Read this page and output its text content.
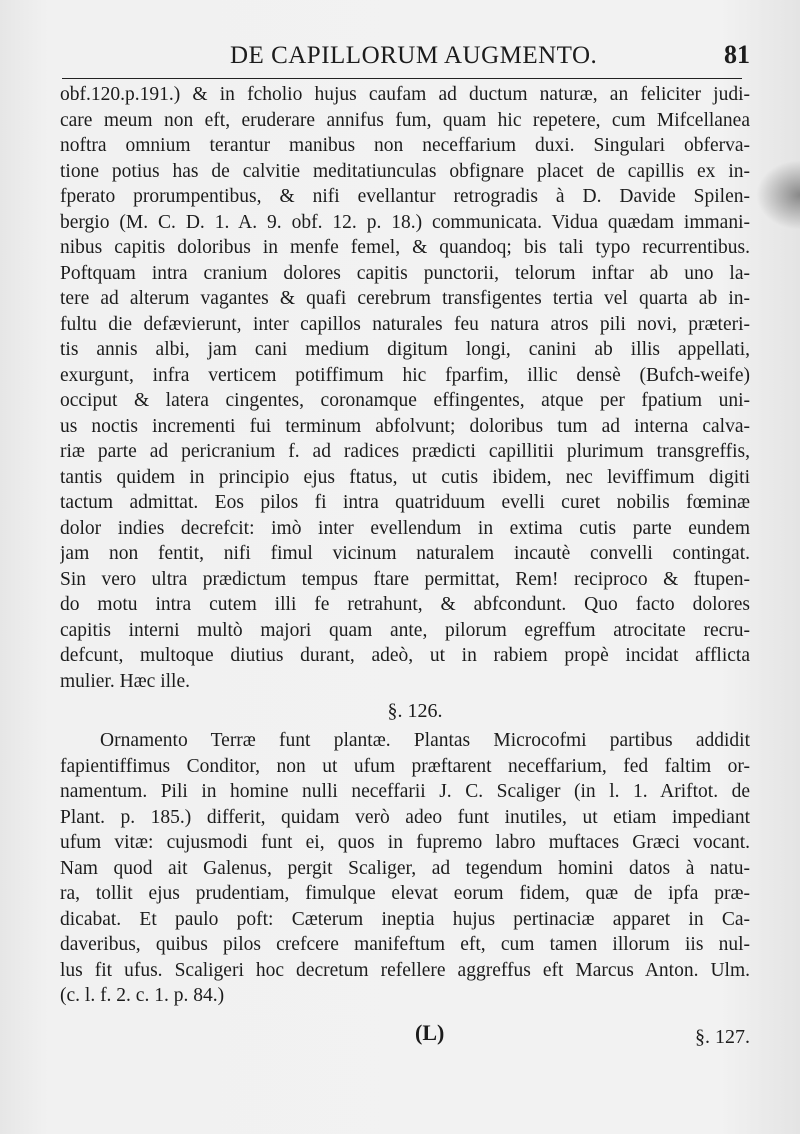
DE CAPILLORUM AUGMENTO.	81
obf.120.p.191.) & in fcholio hujus caufam ad ductum naturæ, an feliciter judi-
care meum non eft, eruderare annifus fum, quam hic repetere, cum Mifcellanea
noftra omnium terantur manibus non neceffarium duxi. Singulari obferva-
tione potius has de calvitie meditatiunculas obfignare placet de capillis ex in-
fperato prorumpentibus, & nifi evellantur retrogradis à D. Davide Spilen-
bergio (M. C. D. 1. A. 9. obf. 12. p. 18.) communicata. Vidua quædam immani-
nibus capitis doloribus in menfe femel, & quandoq; bis tali typo recurrentibus.
Poftquam intra cranium dolores capitis punctorii, telorum inftar ab uno la-
tere ad alterum vagantes & quafi cerebrum transfigentes tertia vel quarta ab in-
fultu die defævierunt, inter capillos naturales feu natura atros pili novi, præteri-
tis annis albi, jam cani medium digitum longi, canini ab illis appellati,
exurgunt, infra verticem potiffimum hic fparfim, illic densè (Bufch-weife)
occiput & latera cingentes, coronamque effingentes, atque per fpatium uni-
us noctis incrementi fui terminum abfolvunt; doloribus tum ad interna calva-
riæ parte ad pericranium f. ad radices prædicti capillitii plurimum transgreffis,
tantis quidem in principio ejus ftatus, ut cutis ibidem, nec leviffimum digiti
tactum admittat. Eos pilos fi intra quatriduum evelli curet nobilis fœminæ
dolor indies decrefcit: imò inter evellendum in extima cutis parte eundem
jam non fentit, nifi fimul vicinum naturalem incautè convelli contingat.
Sin vero ultra prædictum tempus ftare permittat, Rem! reciproco & ftupen-
do motu intra cutem illi fe retrahunt, & abfcondunt. Quo facto dolores
capitis interni multò majori quam ante, pilorum egreffum atrocitate recru-
defcunt, multoque diutius durant, adeò, ut in rabiem propè incidat afflicta
mulier. Hæc ille.
§. 126.
Ornamento Terræ funt plantæ. Plantas Microcofmi partibus addidit
fapientiffimus Conditor, non ut ufum præftarent neceffarium, fed faltim or-
namentum. Pili in homine nulli neceffarii J. C. Scaliger (in l. 1. Ariftot. de
Plant. p. 185.) differit, quidam verò adeo funt inutiles, ut etiam impediant
ufum vitæ: cujusmodi funt ei, quos in fupremo labro muftaces Græci vocant.
Nam quod ait Galenus, pergit Scaliger, ad tegendum homini datos à natu-
ra, tollit ejus prudentiam, fimulque elevat eorum fidem, quæ de ipfa præ-
dicabat. Et paulo poft: Cæterum ineptia hujus pertinaciæ apparet in Ca-
daveribus, quibus pilos crefcere manifeftum eft, cum tamen illorum iis nul-
lus fit ufus. Scaligeri hoc decretum refellere aggreffus eft Marcus Anton. Ulm.
(c. l. f. 2. c. 1. p. 84.)
(L)	§. 127.
